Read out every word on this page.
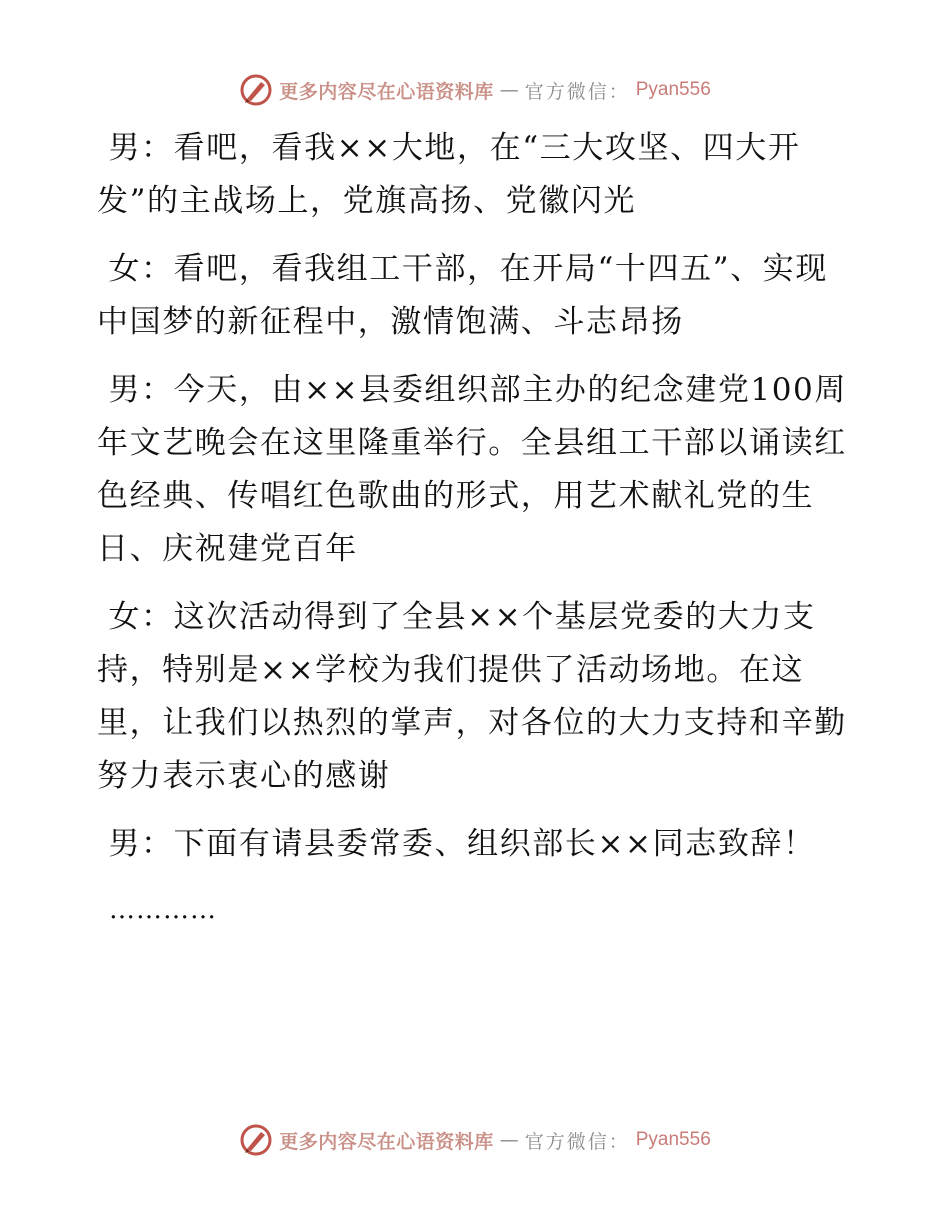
更多内容尽在心语资料库 — 官方微信： Pyan556

男：看吧，看我××大地，在“三大攻坚、四大开发”的主战场上，党旗高扬、党徽闪光

女：看吧，看我组工干部，在开局“十四五”、实现中国梦的新征程中，激情饱满、斗志昂扬

男：今天，由××县委组织部主办的纪念建党100周年文艺晚会在这里隆重举行。全县组工干部以诵读红色经典、传唱红色歌曲的形式，用艺术献礼党的生日、庆祝建党百年

女：这次活动得到了全县××个基层党委的大力支持，特别是××学校为我们提供了活动场地。在这里，让我们以热烈的掌声，对各位的大力支持和辛勤努力表示衷心的感谢

男：下面有请县委常委、组织部长××同志致辞！

…………
更多内容尽在心语资料库 — 官方微信： Pyan556
